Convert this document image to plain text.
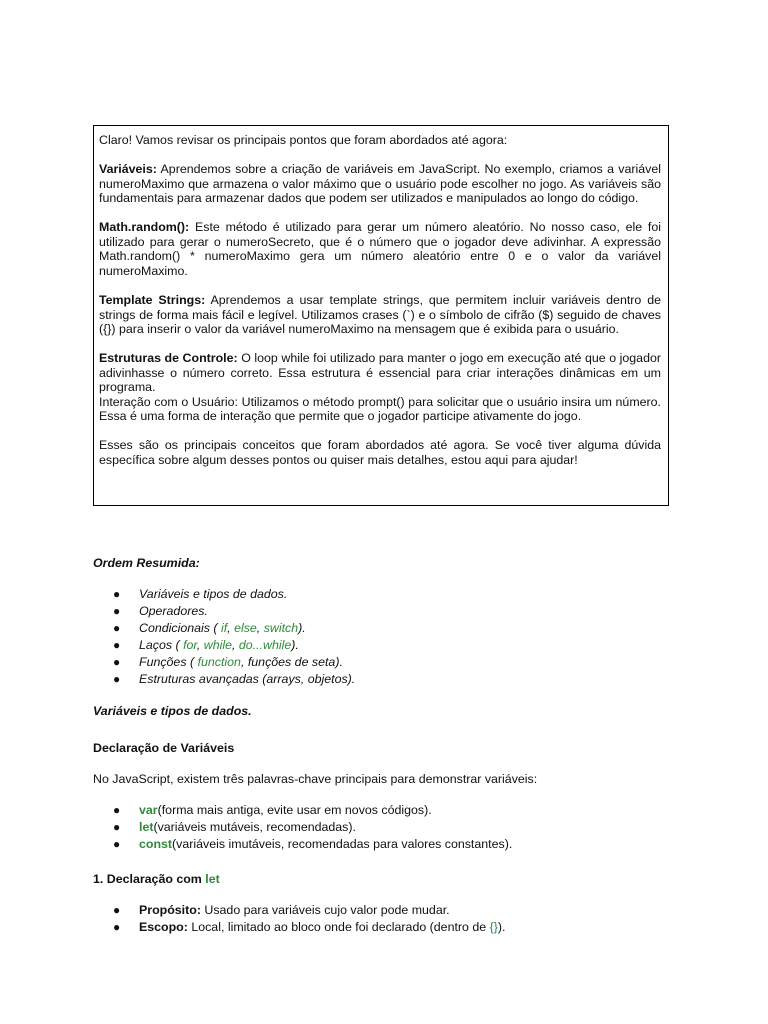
Claro! Vamos revisar os principais pontos que foram abordados até agora:

Variáveis: Aprendemos sobre a criação de variáveis em JavaScript. No exemplo, criamos a variável numeroMaximo que armazena o valor máximo que o usuário pode escolher no jogo. As variáveis são fundamentais para armazenar dados que podem ser utilizados e manipulados ao longo do código.

Math.random(): Este método é utilizado para gerar um número aleatório. No nosso caso, ele foi utilizado para gerar o numeroSecreto, que é o número que o jogador deve adivinhar. A expressão Math.random() * numeroMaximo gera um número aleatório entre 0 e o valor da variável numeroMaximo.

Template Strings: Aprendemos a usar template strings, que permitem incluir variáveis dentro de strings de forma mais fácil e legível. Utilizamos crases (`) e o símbolo de cifrão ($) seguido de chaves ({}) para inserir o valor da variável numeroMaximo na mensagem que é exibida para o usuário.

Estruturas de Controle: O loop while foi utilizado para manter o jogo em execução até que o jogador adivinhasse o número correto. Essa estrutura é essencial para criar interações dinâmicas em um programa.

Interação com o Usuário: Utilizamos o método prompt() para solicitar que o usuário insira um número. Essa é uma forma de interação que permite que o jogador participe ativamente do jogo.

Esses são os principais conceitos que foram abordados até agora. Se você tiver alguma dúvida específica sobre algum desses pontos ou quiser mais detalhes, estou aqui para ajudar!

Ordem Resumida:
● Variáveis e tipos de dados.
● Operadores.
● Condicionais ( if, else, switch).
● Laços ( for, while, do...while).
● Funções ( function, funções de seta).
● Estruturas avançadas (arrays, objetos).
Variáveis e tipos de dados.
Declaração de Variáveis
No JavaScript, existem três palavras-chave principais para demonstrar variáveis:
● var(forma mais antiga, evite usar em novos códigos).
● let(variáveis mutáveis, recomendadas).
● const(variáveis imutáveis, recomendadas para valores constantes).
1. Declaração com let
● Propósito: Usado para variáveis cujo valor pode mudar.
● Escopo: Local, limitado ao bloco onde foi declarado (dentro de {}).
